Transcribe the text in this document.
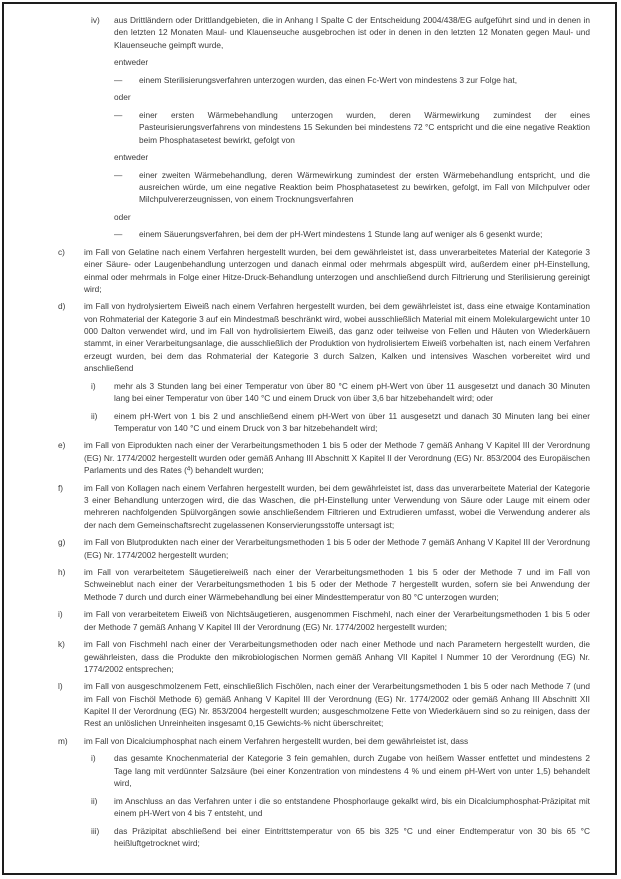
iv) aus Drittländern oder Drittlandgebieten, die in Anhang I Spalte C der Entscheidung 2004/438/EG aufgeführt sind und in denen in den letzten 12 Monaten Maul- und Klauenseuche ausgebrochen ist oder in denen in den letzten 12 Monaten gegen Maul- und Klauenseuche geimpft wurde,
entweder
— einem Sterilisierungsverfahren unterzogen wurden, das einen Fc-Wert von mindestens 3 zur Folge hat,
oder
— einer ersten Wärmebehandlung unterzogen wurden, deren Wärmewirkung zumindest der eines Pasteurisierungsverfahrens von mindestens 15 Sekunden bei mindestens 72 °C entspricht und die eine negative Reaktion beim Phosphatasetest bewirkt, gefolgt von
entweder
— einer zweiten Wärmebehandlung, deren Wärmewirkung zumindest der ersten Wärmebehandlung entspricht, und die ausreichen würde, um eine negative Reaktion beim Phosphatasetest zu bewirken, gefolgt, im Fall von Milchpulver oder Milchpulvererzeugnissen, von einem Trocknungsverfahren
oder
— einem Säuerungsverfahren, bei dem der pH-Wert mindestens 1 Stunde lang auf weniger als 6 gesenkt wurde;
c) im Fall von Gelatine nach einem Verfahren hergestellt wurden, bei dem gewährleistet ist, dass unverarbeitetes Material der Kategorie 3 einer Säure- oder Laugenbehandlung unterzogen und danach einmal oder mehrmals abgespült wird, außerdem einer pH-Einstellung, einmal oder mehrmals in Folge einer Hitze-Druck-Behandlung unterzogen und anschließend durch Filtrierung und Sterilisierung gereinigt wird;
d) im Fall von hydrolysiertem Eiweiß nach einem Verfahren hergestellt wurden, bei dem gewährleistet ist, dass eine etwaige Kontamination von Rohmaterial der Kategorie 3 auf ein Mindestmaß beschränkt wird, wobei ausschließlich Material mit einem Molekulargewicht unter 10 000 Dalton verwendet wird, und im Fall von hydrolisiertem Eiweiß, das ganz oder teilweise von Fellen und Häuten von Wiederkäuern stammt, in einer Verarbeitungsanlage, die ausschließlich der Produktion von hydrolisiertem Eiweiß vorbehalten ist, nach einem Verfahren erzeugt wurden, bei dem das Rohmaterial der Kategorie 3 durch Salzen, Kalken und intensives Waschen vorbereitet wird und anschließend
i) mehr als 3 Stunden lang bei einer Temperatur von über 80 °C einem pH-Wert von über 11 ausgesetzt und danach 30 Minuten lang bei einer Temperatur von über 140 °C und einem Druck von über 3,6 bar hitzebehandelt wird; oder
ii) einem pH-Wert von 1 bis 2 und anschließend einem pH-Wert von über 11 ausgesetzt und danach 30 Minuten lang bei einer Temperatur von 140 °C und einem Druck von 3 bar hitzebehandelt wird;
e) im Fall von Eiprodukten nach einer der Verarbeitungsmethoden 1 bis 5 oder der Methode 7 gemäß Anhang V Kapitel III der Verordnung (EG) Nr. 1774/2002 hergestellt wurden oder gemäß Anhang III Abschnitt X Kapitel II der Verordnung (EG) Nr. 853/2004 des Europäischen Parlaments und des Rates ($^4$) behandelt wurden;
f)	im Fall von Kollagen nach einem Verfahren hergestellt wurden, bei dem gewährleistet ist, dass das unverarbeitete Material der Kategorie 3 einer Behandlung unterzogen wird, die das Waschen, die pH-Einstellung unter Verwendung von Säure oder Lauge mit einem oder mehreren nachfolgenden Spülvorgängen sowie anschließendem Filtrieren und Extrudieren umfasst, wobei die Verwendung anderer als der nach dem Gemeinschaftsrecht zugelassenen Konservierungsstoffe untersagt ist;
g) im Fall von Blutprodukten nach einer der Verarbeitungsmethoden 1 bis 5 oder der Methode 7 gemäß Anhang V Kapitel III der Verordnung (EG) Nr. 1774/2002 hergestellt wurden;
h) im Fall von verarbeitetem Säugetiereiweiß nach einer der Verarbeitungsmethoden 1 bis 5 oder der Methode 7 und im Fall von Schweineblut nach einer der Verarbeitungsmethoden 1 bis 5 oder der Methode 7 hergestellt wurden, sofern sie bei Anwendung der Methode 7 durch und durch einer Wärmebehandlung bei einer Mindesttemperatur von 80 °C unterzogen wurden;
i)	im Fall von verarbeitetem Eiweiß von Nichtsäugetieren, ausgenommen Fischmehl, nach einer der Verarbeitungsmethoden 1 bis 5 oder der Methode 7 gemäß Anhang V Kapitel III der Verordnung (EG) Nr. 1774/2002 hergestellt wurden;
k) im Fall von Fischmehl nach einer der Verarbeitungsmethoden oder nach einer Methode und nach Parametern hergestellt wurden, die gewährleisten, dass die Produkte den mikrobiologischen Normen gemäß Anhang VII Kapitel I Nummer 10 der Verordnung (EG) Nr. 1774/2002 entsprechen;
l)	im Fall von ausgeschmolzenem Fett, einschließlich Fischölen, nach einer der Verarbeitungsmethoden 1 bis 5 oder nach Methode 7 (und im Fall von Fischöl Methode 6) gemäß Anhang V Kapitel III der Verordnung (EG) Nr. 1774/2002 oder gemäß Anhang III Abschnitt XII Kapitel II der Verordnung (EG) Nr. 853/2004 hergestellt wurden; ausgeschmolzene Fette von Wiederkäuern sind so zu reinigen, dass der Rest an unlöslichen Unreinheiten insgesamt 0,15 Gewichts-% nicht überschreitet;
m) im Fall von Dicalciumphosphat nach einem Verfahren hergestellt wurden, bei dem gewährleistet ist, dass
i) das gesamte Knochenmaterial der Kategorie 3 fein gemahlen, durch Zugabe von heißem Wasser entfettet und mindestens 2 Tage lang mit verdünnter Salzsäure (bei einer Konzentration von mindestens 4 % und einem pH-Wert von unter 1,5) behandelt wird,
ii) im Anschluss an das Verfahren unter i die so entstandene Phosphorlauge gekalkt wird, bis ein Dicalciumphosphat-Präzipitat mit einem pH-Wert von 4 bis 7 entsteht, und
iii) das Präzipitat abschließend bei einer Eintrittstemperatur von 65 bis 325 °C und einer Endtemperatur von 30 bis 65 °C heißluftgetrocknet wird;
